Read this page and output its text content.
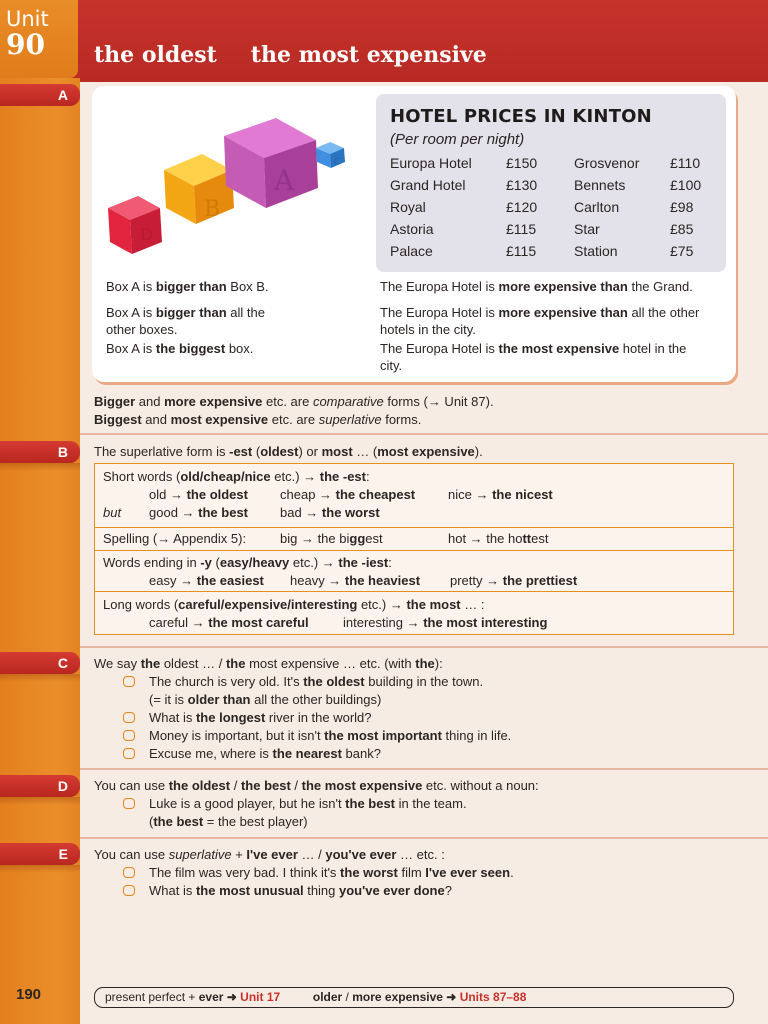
Unit
90	the oldest the most expensive
A
B
C
D
E
D
B
A
C
HOTEL PRICES IN KINTON
(Per room per night)
Europa Hotel	£150	Grosvenor	£110
Grand Hotel	£130	Bennets	£100
Royal	£120	Carlton	£98
Astoria	£115	Star	£85
Palace	£115	Station	£75
Box A is bigger than Box B.
Box A is bigger than all the
other boxes.
Box A is the biggest box.
The Europa Hotel is more expensive than the Grand.
The Europa Hotel is more expensive than all the other
hotels in the city.
The Europa Hotel is the most expensive hotel in the
city.
Bigger and more expensive etc. are comparative forms (→ Unit 87).
Biggest and most expensive etc. are superlative forms.
The superlative form is -est (oldest) or most … (most expensive).
Short words (old/cheap/nice etc.) → the -est:
old → the oldest cheap → the cheapest	nice → the nicest
but good → the best bad → the worst
Spelling (→ Appendix 5):	big → the biggest	hot → the hottest
Words ending in -y (easy/heavy etc.) → the -iest:
easy → the easiest heavy → the heaviest pretty → the prettiest
Long words (careful/expensive/interesting etc.) → the most … :
careful → the most careful	interesting → the most interesting
We say the oldest … / the most expensive … etc. (with the):
The church is very old. It's the oldest building in the town.
(= it is older than all the other buildings)
What is the longest river in the world?
Money is important, but it isn't the most important thing in life.
Excuse me, where is the nearest bank?
You can use the oldest / the best / the most expensive etc. without a noun:
Luke is a good player, but he isn't the best in the team.
(the best = the best player)
You can use superlative + I've ever … / you've ever … etc. :
The film was very bad. I think it's the worst film I've ever seen.
What is the most unusual thing you've ever done?
190	present perfect + ever ➜ Unit 17	older / more expensive ➜ Units 87–88
